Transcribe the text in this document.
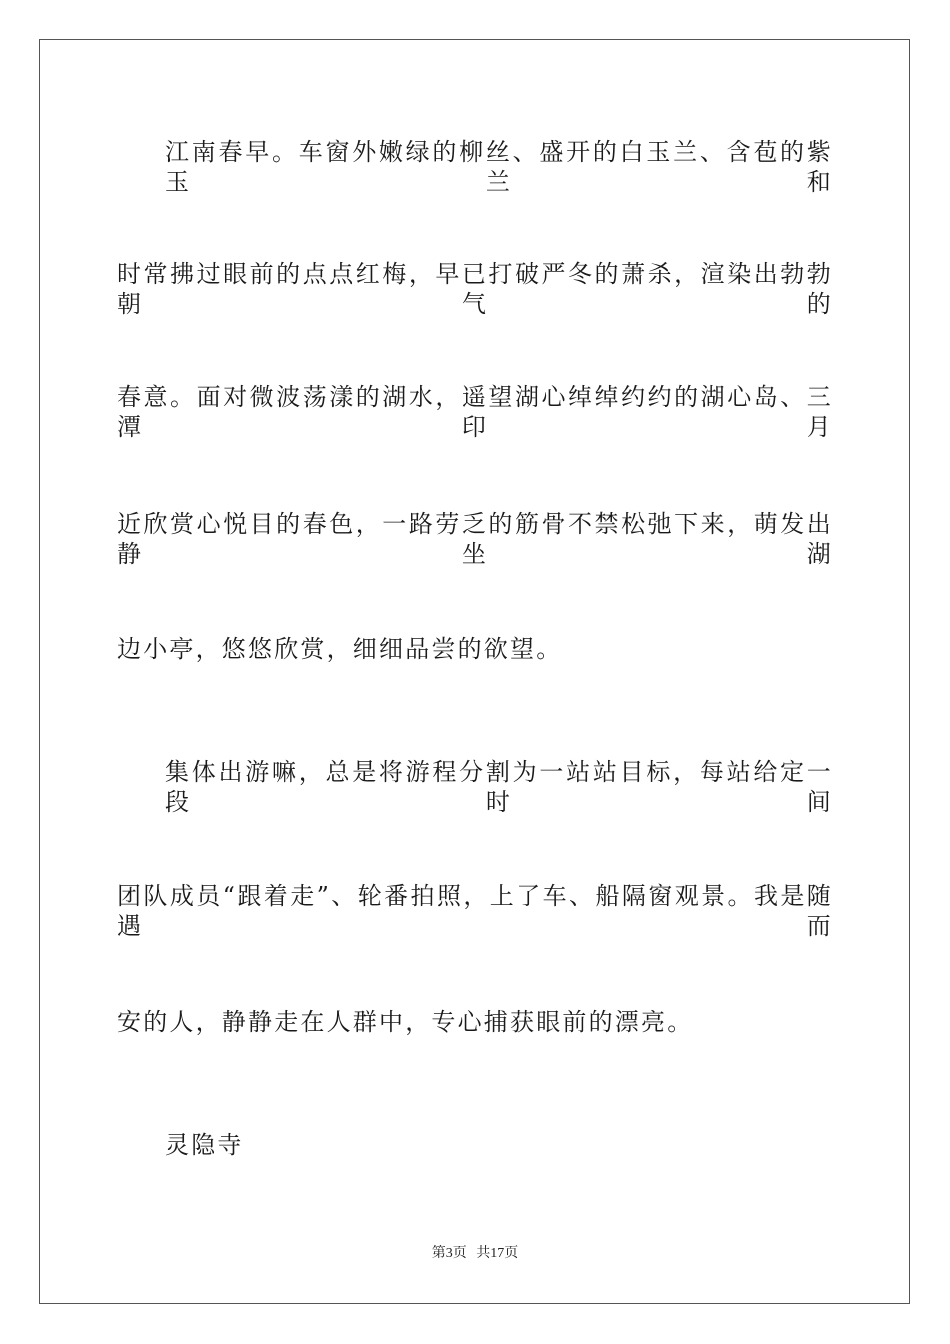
江南春早。车窗外嫩绿的柳丝、盛开的白玉兰、含苞的紫玉兰和
时常拂过眼前的点点红梅，早已打破严冬的萧杀，渲染出勃勃朝气的
春意。面对微波荡漾的湖水，遥望湖心绰绰约约的湖心岛、三潭印月
近欣赏心悦目的春色，一路劳乏的筋骨不禁松弛下来，萌发出静坐湖
边小亭，悠悠欣赏，细细品尝的欲望。
集体出游嘛，总是将游程分割为一站站目标，每站给定一段时间
团队成员“跟着走”、轮番拍照，上了车、船隔窗观景。我是随遇而
安的人，静静走在人群中，专心捕获眼前的漂亮。
灵隐寺
第3页 共17页
